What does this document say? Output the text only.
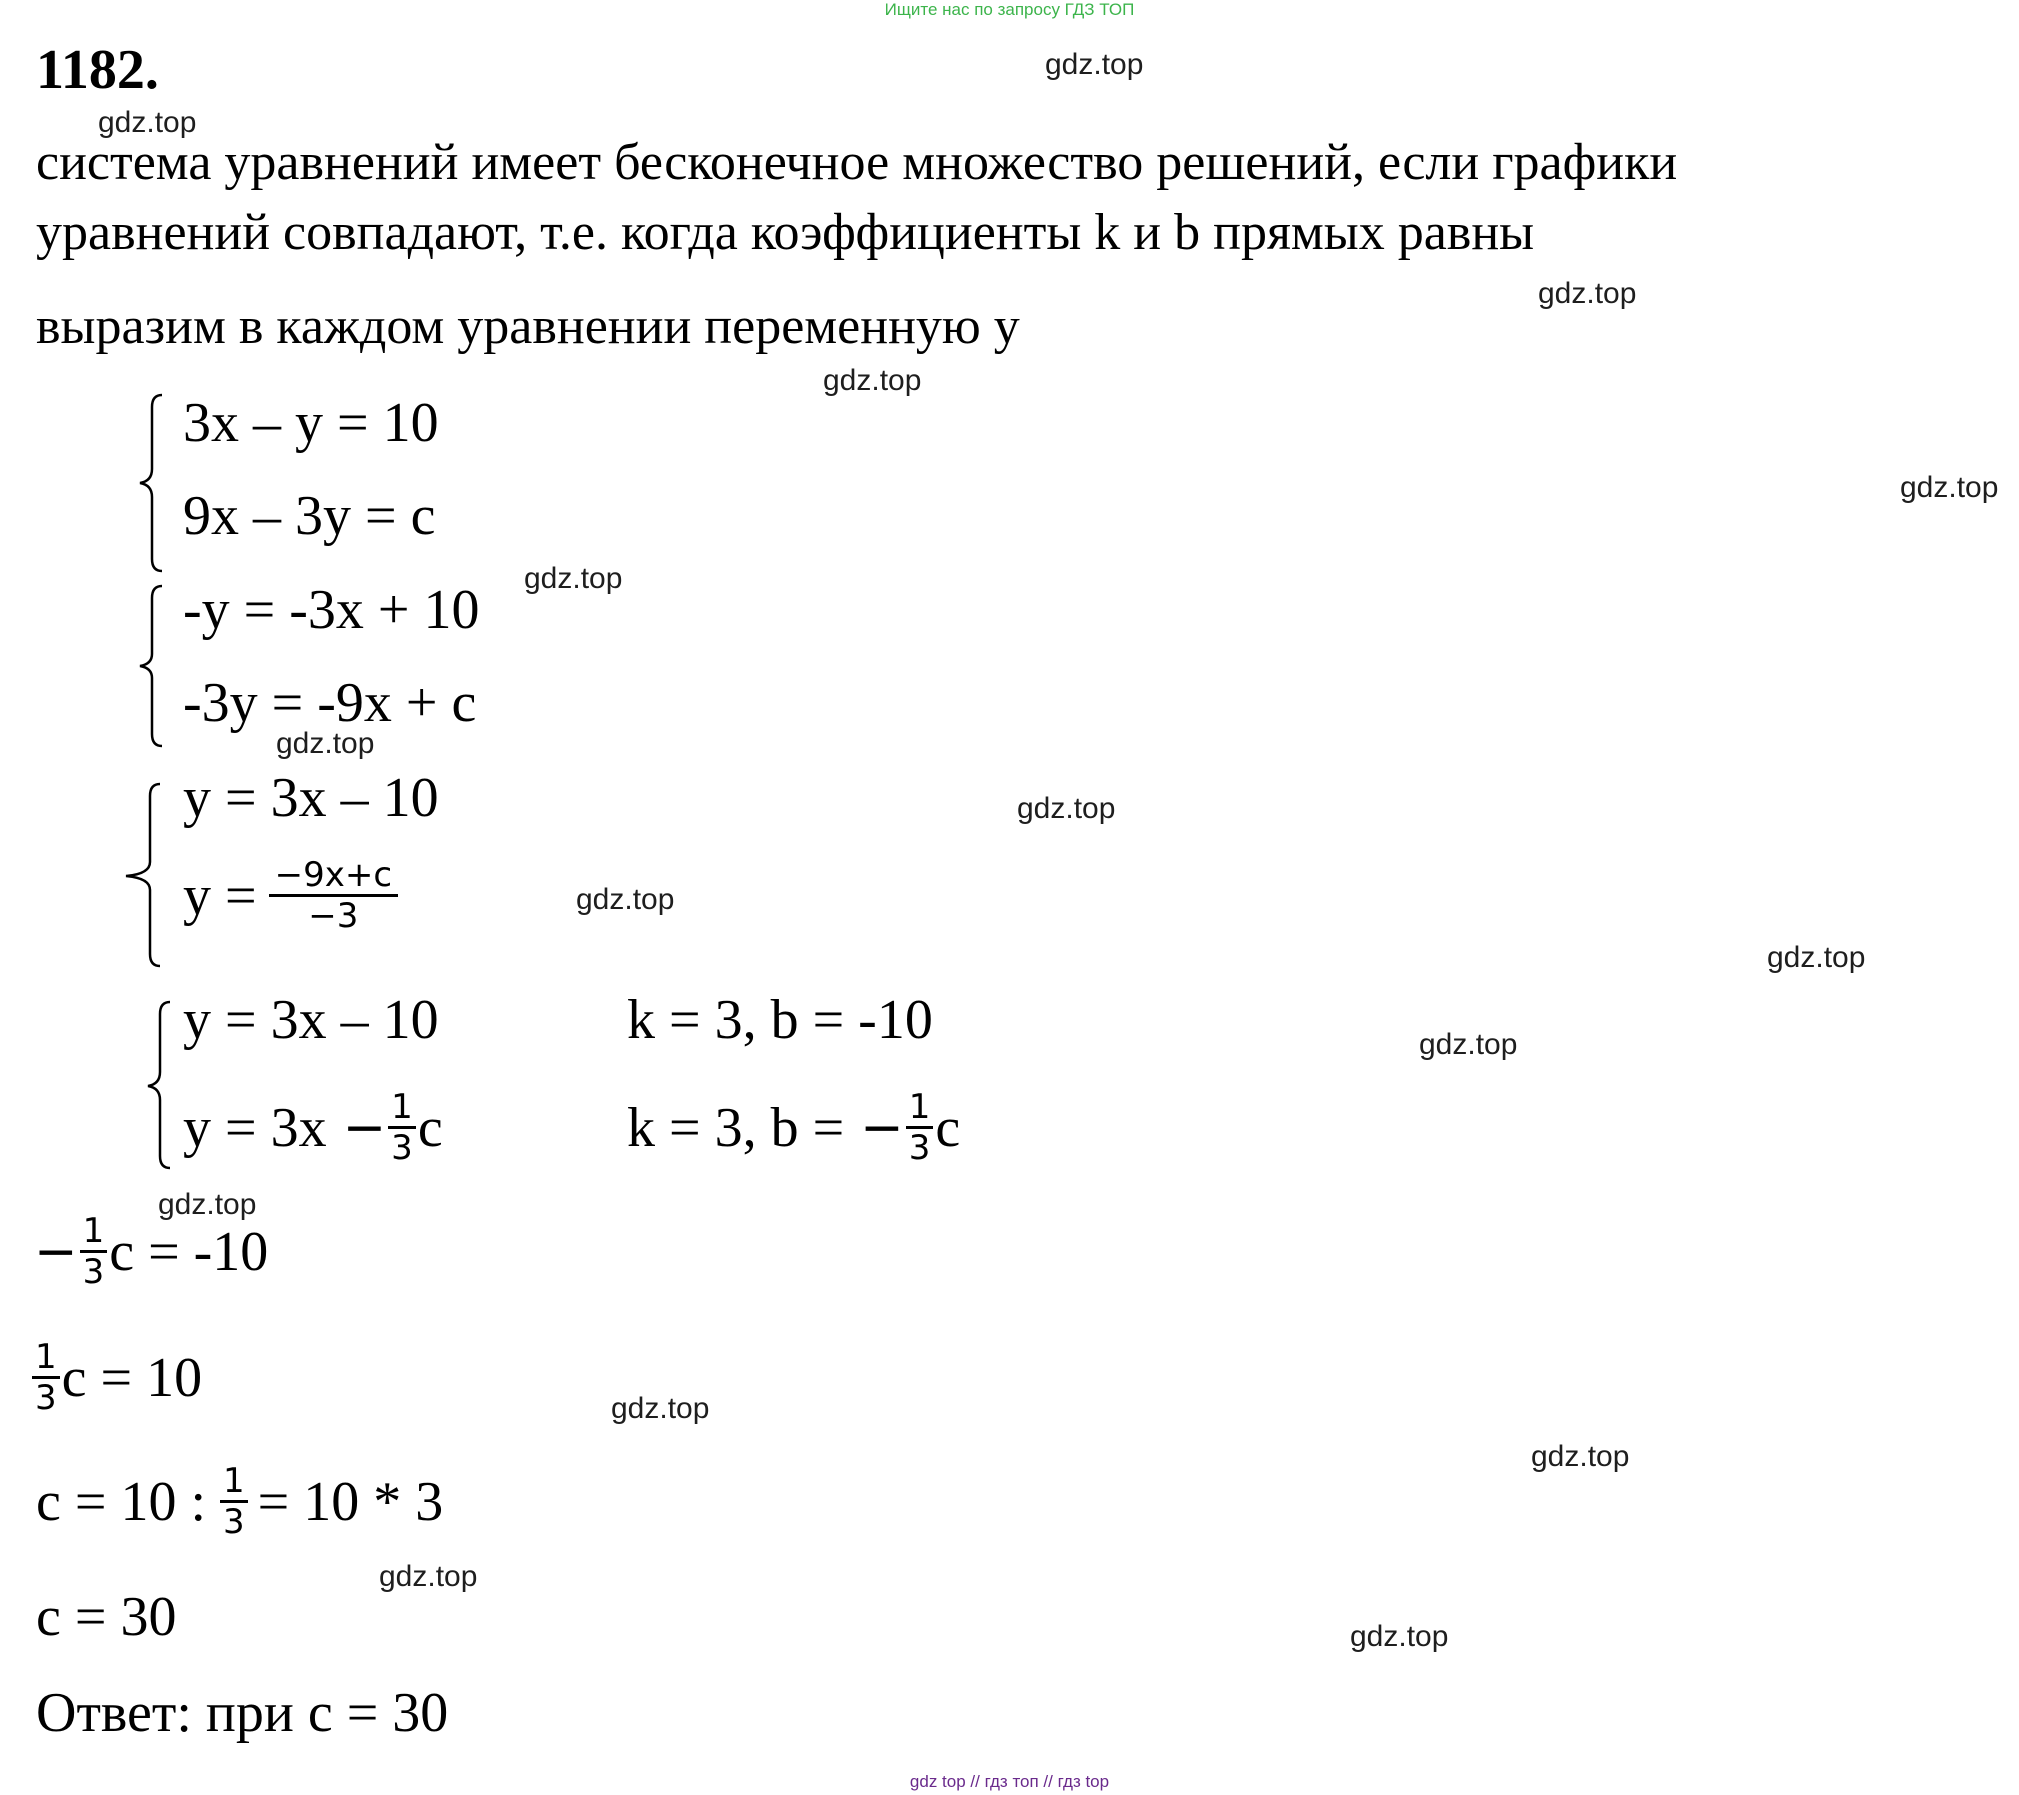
Ищите нас по запросу ГДЗ ТОП
gdz top // гдз топ // гдз top
gdz.top
gdz.top
gdz.top
gdz.top
gdz.top
gdz.top
gdz.top
gdz.top
gdz.top
gdz.top
gdz.top
gdz.top
gdz.top
gdz.top
gdz.top
gdz.top
1182.
система уравнений имеет бесконечное множество решений, если графики
уравнений совпадают, т.е. когда коэффициенты k и b прямых равны
выразим в каждом уравнении переменную y
3x – y = 10
9x – 3y = c
-y = -3x + 10
-3y = -9x + c
y = 3x – 10
$y = \frac{-9x+c}{-3}$
y = 3x – 10	k = 3, b = -10
$y = 3x - \frac{1}{3}$ c	k = 3, b = − $\frac{1}{3}$ c
− $\frac{1}{3}$ c = -10
$\frac{1}{3}$ c = 10
c = 10 : $\frac{1}{3} = 10 * 3$
c = 30
Ответ: при c = 30
